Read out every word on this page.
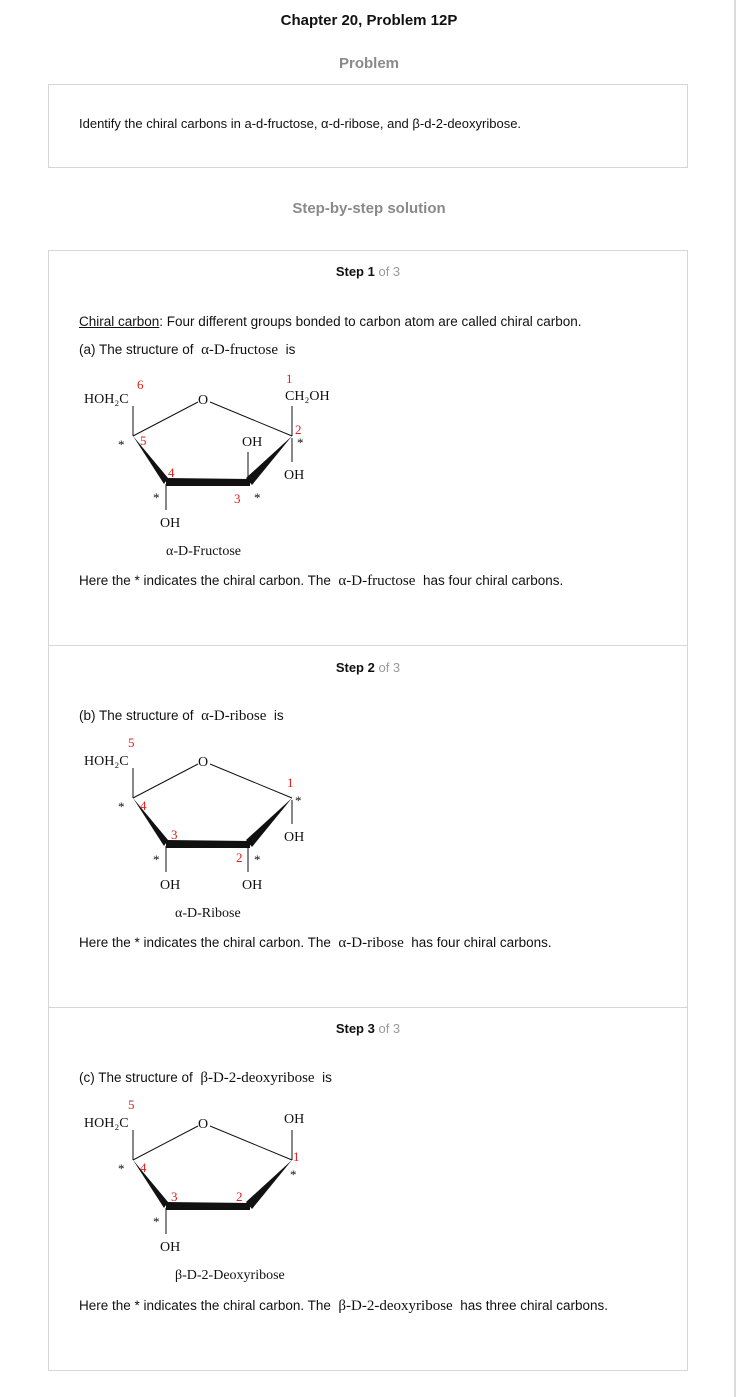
Chapter 20, Problem 12P
Problem
Identify the chiral carbons in a-d-fructose, α-d-ribose, and β-d-2-deoxyribose.
Step-by-step solution
Step 1 of 3
Chiral carbon: Four different groups bonded to carbon atom are called chiral carbon.
(a) The structure of α-D-fructose is
HOH₂C	O	CH₂OH
OH
OH
OH
1
2
3
4
5
6
*	*
*
*
α-D-Fructose
Here the * indicates the chiral carbon. The α-D-fructose has four chiral carbons.
Step 2 of 3
(b) The structure of α-D-ribose is
HOH₂C	O
OH
OH	OH
1
2
3
4
5
*	*
*
*
α-D-Ribose
Here the * indicates the chiral carbon. The α-D-ribose has four chiral carbons.
Step 3 of 3
(c) The structure of β-D-2-deoxyribose is
HOH₂C	O	OH
OH
1
2
3
4
5
*	*
*
β-D-2-Deoxyribose
Here the * indicates the chiral carbon. The β-D-2-deoxyribose has three chiral carbons.
